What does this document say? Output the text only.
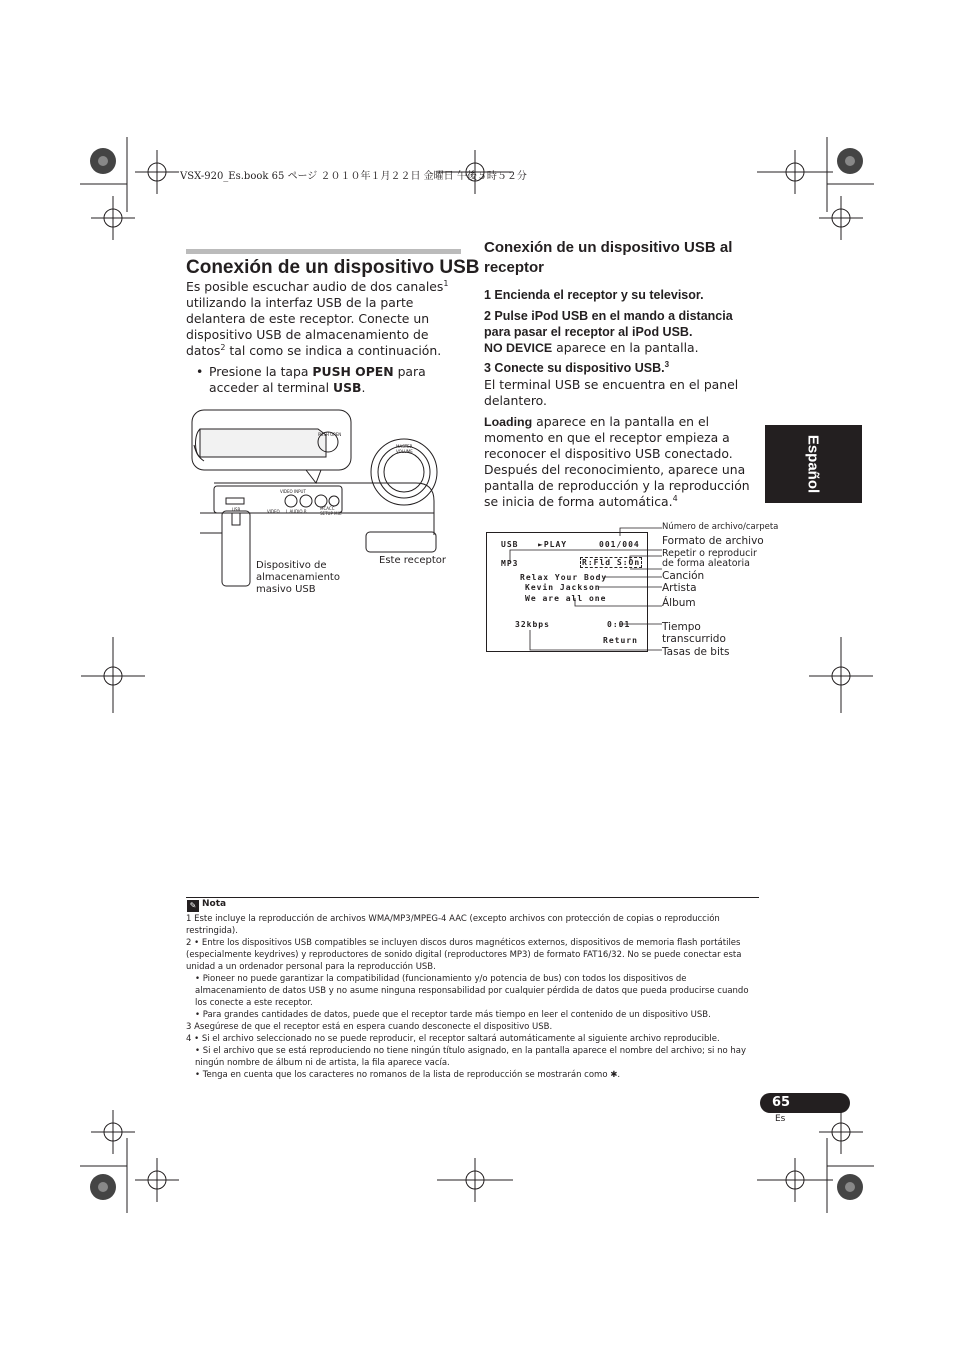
VSX-920_Es.book 65 ページ ２０１０年１月２２日 金曜日 午後５時５２分
Conexión de un dispositivo USB
Es posible escuchar audio de dos canales$^1$ utilizando la interfaz USB de la parte delantera de este receptor. Conecte un dispositivo USB de almacenamiento de datos$^2$ tal como se indica a continuación.
• Presione la tapa PUSH OPEN para acceder al terminal USB.
PUSH OPEN
MASTER VOLUME
VIDEO INPUT
USB	VIDEO L AUDIO R
MCACC SETUP MIC
Dispositivo de almacenamiento masivo USB
Este receptor
Conexión de un dispositivo USB al receptor
1 Encienda el receptor y su televisor.
2 Pulse iPod USB en el mando a distancia para pasar el receptor al iPod USB.
NO DEVICE aparece en la pantalla.
3 Conecte su dispositivo USB.$^3$
El terminal USB se encuentra en el panel delantero.
Loading aparece en la pantalla en el momento en que el receptor empieza a reconocer el dispositivo USB conectado. Después del reconocimiento, aparece una pantalla de reproducción y la reproducción se inicia de forma automática.$^4$
Español
USB ►PLAY	001/004
MP3	R:Fld S:On
Relax Your Body
Kevin Jackson
We are all one
32kbps	0:01
Return
Número de archivo/carpeta
Formato de archivo
Repetir o reproducir de forma aleatoria
Canción
Artista
Álbum
Tiempo transcurrido
Tasas de bits
✎ Nota
1 Este incluye la reproducción de archivos WMA/MP3/MPEG-4 AAC (excepto archivos con protección de copias o reproducción restringida).
2 • Entre los dispositivos USB compatibles se incluyen discos duros magnéticos externos, dispositivos de memoria flash portátiles (especialmente keydrives) y reproductores de sonido digital (reproductores MP3) de formato FAT16/32. No se puede conectar esta unidad a un ordenador personal para la reproducción USB.
• Pioneer no puede garantizar la compatibilidad (funcionamiento y/o potencia de bus) con todos los dispositivos de almacenamiento de datos USB y no asume ninguna responsabilidad por cualquier pérdida de datos que pueda producirse cuando los conecte a este receptor.
• Para grandes cantidades de datos, puede que el receptor tarde más tiempo en leer el contenido de un dispositivo USB.
3 Asegúrese de que el receptor está en espera cuando desconecte el dispositivo USB.
4 • Si el archivo seleccionado no se puede reproducir, el receptor saltará automáticamente al siguiente archivo reproducible.
• Si el archivo que se está reproduciendo no tiene ningún título asignado, en la pantalla aparece el nombre del archivo; si no hay ningún nombre de álbum ni de artista, la fila aparece vacía.
• Tenga en cuenta que los caracteres no romanos de la lista de reproducción se mostrarán como ✱.
65
Es
